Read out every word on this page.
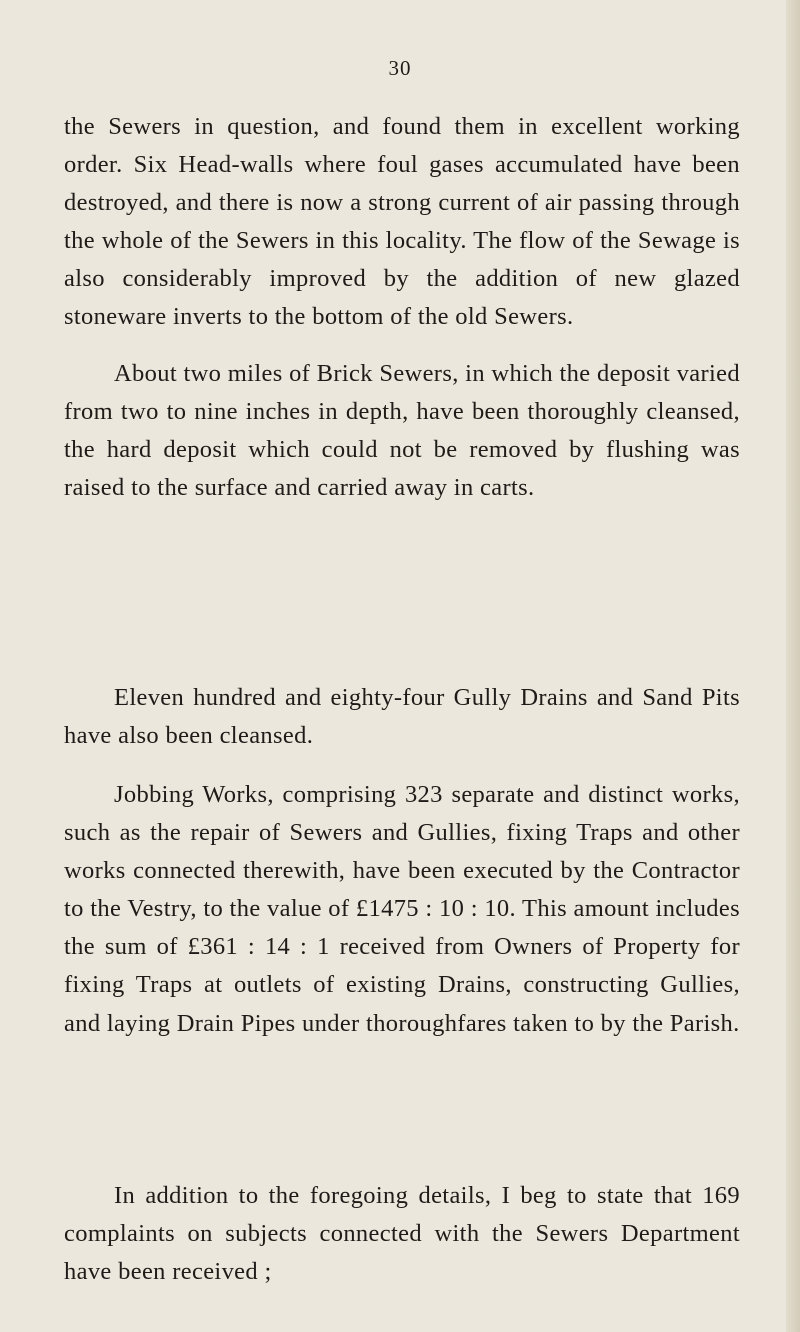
30

the Sewers in question, and found them in excellent working order. Six Head-walls where foul gases accumulated have been destroyed, and there is now a strong current of air passing through the whole of the Sewers in this locality. The flow of the Sewage is also considerably improved by the addition of new glazed stoneware inverts to the bottom of the old Sewers.

About two miles of Brick Sewers, in which the deposit varied from two to nine inches in depth, have been thoroughly cleansed, the hard deposit which could not be removed by flushing was raised to the surface and carried away in carts.

Eleven hundred and eighty-four Gully Drains and Sand Pits have also been cleansed.

Jobbing Works, comprising 323 separate and distinct works, such as the repair of Sewers and Gullies, fixing Traps and other works connected therewith, have been executed by the Contractor to the Vestry, to the value of £1475 : 10 : 10. This amount includes the sum of £361 : 14 : 1 received from Owners of Property for fixing Traps at outlets of existing Drains, constructing Gullies, and laying Drain Pipes under thoroughfares taken to by the Parish.

In addition to the foregoing details, I beg to state that 169 complaints on subjects connected with the Sewers Department have been received ;
